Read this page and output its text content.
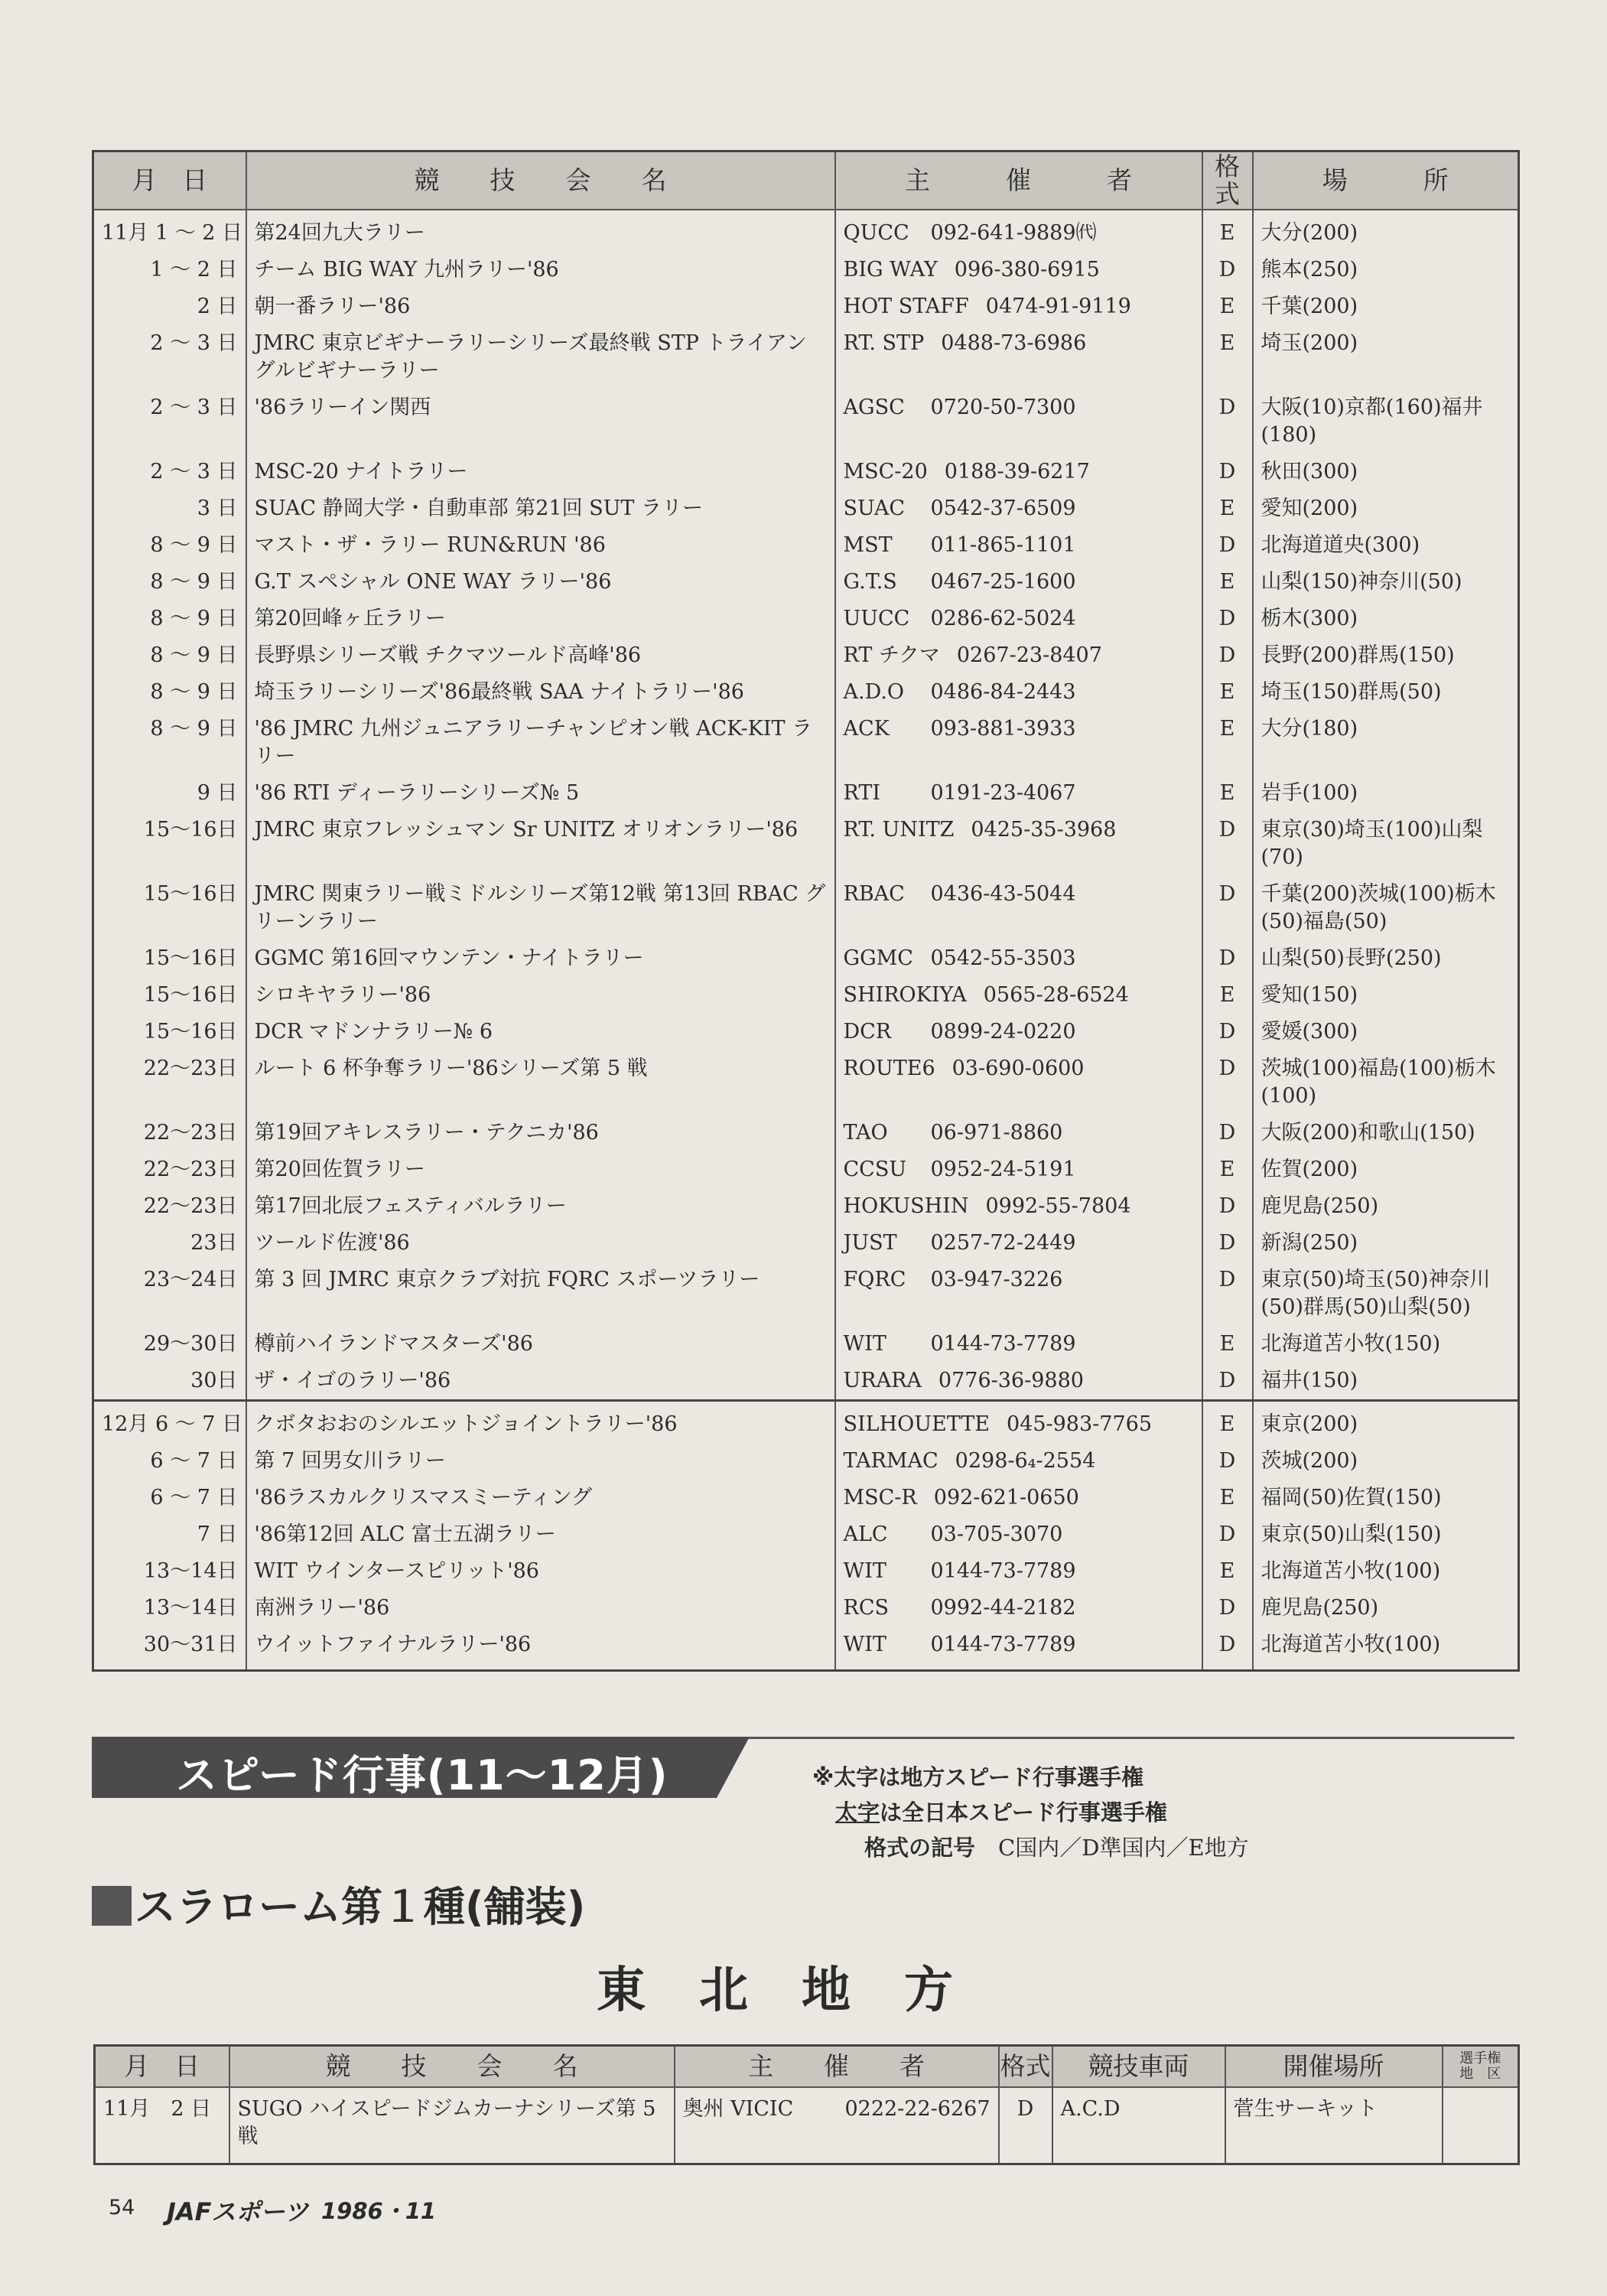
月　日	競　　技　　会　　名	主　　　催　　　者	格式	場　　　所
11月 1 ～ 2 日	第24回九大ラリー	QUCC 092-641-9889㈹	E	大分(200)
1 ～ 2 日	チーム BIG WAY 九州ラリー'86	BIG WAY 096-380-6915	D	熊本(250)
2 日	朝一番ラリー'86	HOT STAFF 0474-91-9119	E	千葉(200)
2 ～ 3 日	JMRC 東京ビギナーラリーシリーズ最終戦 STP トライアングルビギナーラリー	RT. STP 0488-73-6986	E	埼玉(200)
2 ～ 3 日	'86ラリーイン関西	AGSC 0720-50-7300	D	大阪(10)京都(160)福井(180)
2 ～ 3 日	MSC-20 ナイトラリー	MSC-20 0188-39-6217	D	秋田(300)
3 日	SUAC 静岡大学・自動車部 第21回 SUT ラリー	SUAC 0542-37-6509	E	愛知(200)
8 ～ 9 日	マスト・ザ・ラリー RUN&RUN '86	MST 011-865-1101	D	北海道道央(300)
8 ～ 9 日	G.T スペシャル ONE WAY ラリー'86	G.T.S 0467-25-1600	E	山梨(150)神奈川(50)
8 ～ 9 日	第20回峰ヶ丘ラリー	UUCC 0286-62-5024	D	栃木(300)
8 ～ 9 日	長野県シリーズ戦 チクマツールド高峰'86	RT チクマ 0267-23-8407	D	長野(200)群馬(150)
8 ～ 9 日	埼玉ラリーシリーズ'86最終戦 SAA ナイトラリー'86	A.D.O 0486-84-2443	E	埼玉(150)群馬(50)
8 ～ 9 日	'86 JMRC 九州ジュニアラリーチャンピオン戦 ACK-KIT ラリー	ACK 093-881-3933	E	大分(180)
9 日	'86 RTI ディーラリーシリーズ№ 5	RTI 0191-23-4067	E	岩手(100)
15～16日	JMRC 東京フレッシュマン Sr UNITZ オリオンラリー'86	RT. UNITZ 0425-35-3968	D	東京(30)埼玉(100)山梨(70)
15～16日	JMRC 関東ラリー戦ミドルシリーズ第12戦 第13回 RBAC グリーンラリー	RBAC 0436-43-5044	D	千葉(200)茨城(100)栃木(50)福島(50)
15～16日	GGMC 第16回マウンテン・ナイトラリー	GGMC 0542-55-3503	D	山梨(50)長野(250)
15～16日	シロキヤラリー'86	SHIROKIYA 0565-28-6524	E	愛知(150)
15～16日	DCR マドンナラリー№ 6	DCR 0899-24-0220	D	愛媛(300)
22～23日	ルート 6 杯争奪ラリー'86シリーズ第 5 戦	ROUTE6 03-690-0600	D	茨城(100)福島(100)栃木(100)
22～23日	第19回アキレスラリー・テクニカ'86	TAO 06-971-8860	D	大阪(200)和歌山(150)
22～23日	第20回佐賀ラリー	CCSU 0952-24-5191	E	佐賀(200)
22～23日	第17回北辰フェスティバルラリー	HOKUSHIN 0992-55-7804	D	鹿児島(250)
23日	ツールド佐渡'86	JUST 0257-72-2449	D	新潟(250)
23～24日	第 3 回 JMRC 東京クラブ対抗 FQRC スポーツラリー	FQRC 03-947-3226	D	東京(50)埼玉(50)神奈川(50)群馬(50)山梨(50)
29～30日	樽前ハイランドマスターズ'86	WIT 0144-73-7789	E	北海道苫小牧(150)
30日	ザ・イゴのラリー'86	URARA 0776-36-9880	D	福井(150)
12月 6 ～ 7 日	クボタおおのシルエットジョイントラリー'86	SILHOUETTE 045-983-7765	E	東京(200)
6 ～ 7 日	第 7 回男女川ラリー	TARMAC 0298-6₄-2554	D	茨城(200)
6 ～ 7 日	'86ラスカルクリスマスミーティング	MSC-R 092-621-0650	E	福岡(50)佐賀(150)
7 日	'86第12回 ALC 富士五湖ラリー	ALC 03-705-3070	D	東京(50)山梨(150)
13～14日	WIT ウインタースピリット'86	WIT 0144-73-7789	E	北海道苫小牧(100)
13～14日	南洲ラリー'86	RCS 0992-44-2182	D	鹿児島(250)
30～31日	ウイットファイナルラリー'86	WIT 0144-73-7789	D	北海道苫小牧(100)
スピード行事(11～12月)	※太字は地方スピード行事選手権
太字は全日本スピード行事選手権
格式の記号 C国内／D準国内／E地方
スラローム第１種(舗装)
東北地方
月　日	競　　技　　会　　名	主　　催　　者	格式	競技車両	開催場所	選手権
地　区
11月　 2 日	SUGO ハイスピードジムカーナシリーズ第 5 戦	奥州 VICIC 0222-22-6267	D	A.C.D	菅生サーキット	
54 JAFスポーツ 1986・11
